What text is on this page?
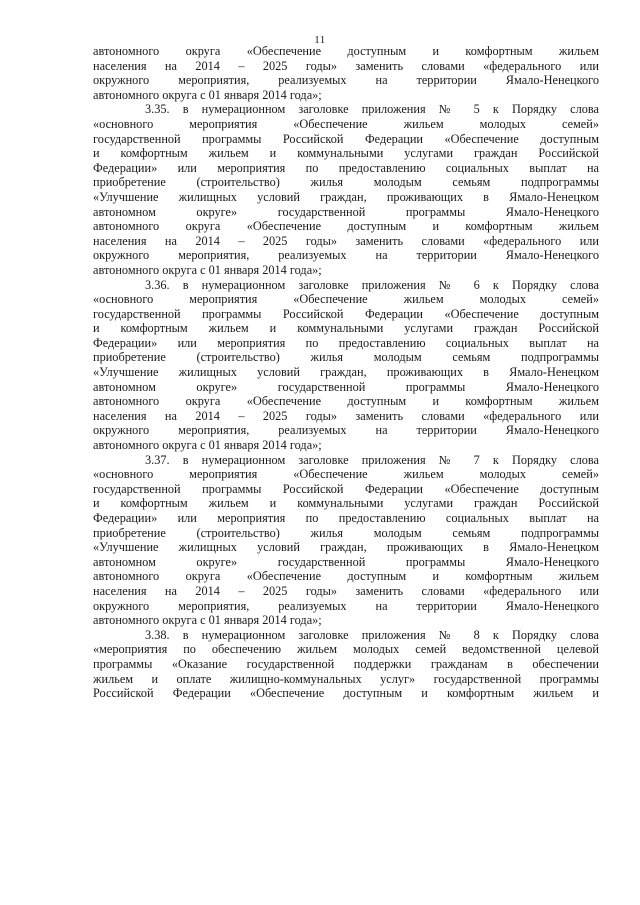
11
автономного округа «Обеспечение доступным и комфортным жильем
населения на 2014 – 2025 годы» заменить словами «федерального или
окружного мероприятия, реализуемых на территории Ямало-Ненецкого
автономного округа с 01 января 2014 года»;
3.35. в нумерационном заголовке приложения № 5 к Порядку слова
«основного мероприятия «Обеспечение жильем молодых семей»
государственной программы Российской Федерации «Обеспечение доступным
и комфортным жильем и коммунальными услугами граждан Российской
Федерации» или мероприятия по предоставлению социальных выплат на
приобретение (строительство) жилья молодым семьям подпрограммы
«Улучшение жилищных условий граждан, проживающих в Ямало-Ненецком
автономном округе» государственной программы Ямало-Ненецкого
автономного округа «Обеспечение доступным и комфортным жильем
населения на 2014 – 2025 годы» заменить словами «федерального или
окружного мероприятия, реализуемых на территории Ямало-Ненецкого
автономного округа с 01 января 2014 года»;
3.36. в нумерационном заголовке приложения № 6 к Порядку слова
«основного мероприятия «Обеспечение жильем молодых семей»
государственной программы Российской Федерации «Обеспечение доступным
и комфортным жильем и коммунальными услугами граждан Российской
Федерации» или мероприятия по предоставлению социальных выплат на
приобретение (строительство) жилья молодым семьям подпрограммы
«Улучшение жилищных условий граждан, проживающих в Ямало-Ненецком
автономном округе» государственной программы Ямало-Ненецкого
автономного округа «Обеспечение доступным и комфортным жильем
населения на 2014 – 2025 годы» заменить словами «федерального или
окружного мероприятия, реализуемых на территории Ямало-Ненецкого
автономного округа с 01 января 2014 года»;
3.37. в нумерационном заголовке приложения № 7 к Порядку слова
«основного мероприятия «Обеспечение жильем молодых семей»
государственной программы Российской Федерации «Обеспечение доступным
и комфортным жильем и коммунальными услугами граждан Российской
Федерации» или мероприятия по предоставлению социальных выплат на
приобретение (строительство) жилья молодым семьям подпрограммы
«Улучшение жилищных условий граждан, проживающих в Ямало-Ненецком
автономном округе» государственной программы Ямало-Ненецкого
автономного округа «Обеспечение доступным и комфортным жильем
населения на 2014 – 2025 годы» заменить словами «федерального или
окружного мероприятия, реализуемых на территории Ямало-Ненецкого
автономного округа с 01 января 2014 года»;
3.38. в нумерационном заголовке приложения № 8 к Порядку слова
«мероприятия по обеспечению жильем молодых семей ведомственной целевой
программы «Оказание государственной поддержки гражданам в обеспечении
жильем и оплате жилищно-коммунальных услуг» государственной программы
Российской Федерации «Обеспечение доступным и комфортным жильем и
